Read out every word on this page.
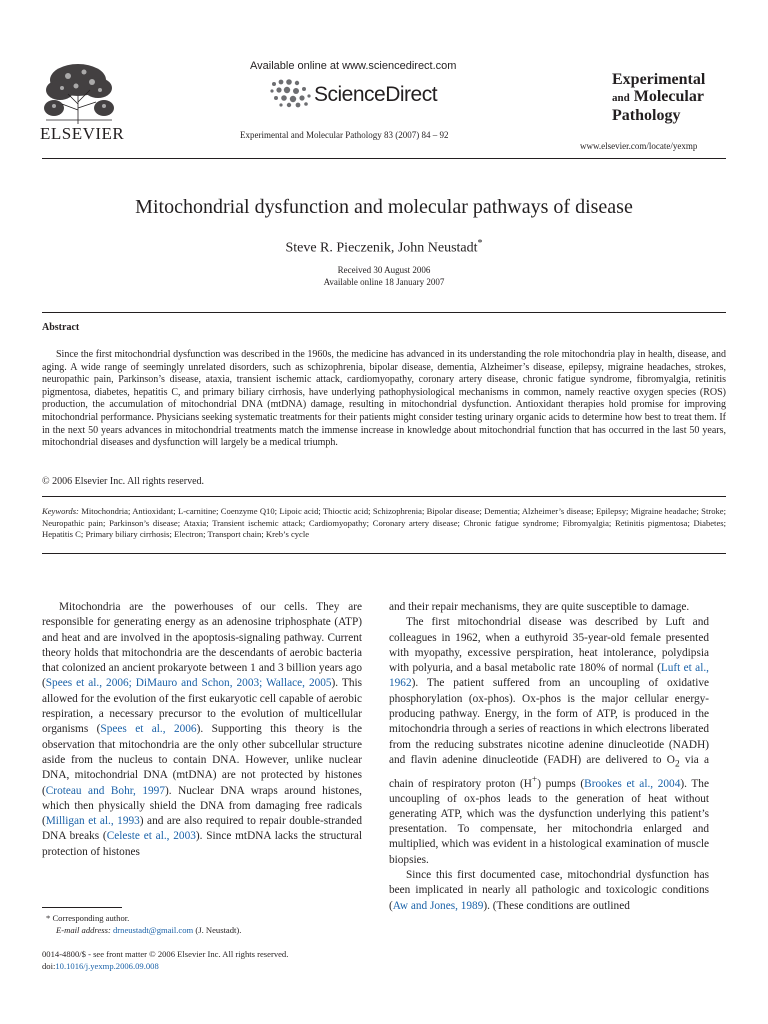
ELSEVIER
Available online at www.sciencedirect.com
ScienceDirect
Experimental and Molecular Pathology 83 (2007) 84 – 92
Experimental
and Molecular
Pathology
www.elsevier.com/locate/yexmp
Mitochondrial dysfunction and molecular pathways of disease
Steve R. Pieczenik, John Neustadt*
Received 30 August 2006
Available online 18 January 2007
Abstract
Since the first mitochondrial dysfunction was described in the 1960s, the medicine has advanced in its understanding the role mitochondria play in health, disease, and aging. A wide range of seemingly unrelated disorders, such as schizophrenia, bipolar disease, dementia, Alzheimer’s disease, epilepsy, migraine headaches, strokes, neuropathic pain, Parkinson’s disease, ataxia, transient ischemic attack, cardiomyopathy, coronary artery disease, chronic fatigue syndrome, fibromyalgia, retinitis pigmentosa, diabetes, hepatitis C, and primary biliary cirrhosis, have underlying pathophysiological mechanisms in common, namely reactive oxygen species (ROS) production, the accumulation of mitochondrial DNA (mtDNA) damage, resulting in mitochondrial dysfunction. Antioxidant therapies hold promise for improving mitochondrial performance. Physicians seeking systematic treatments for their patients might consider testing urinary organic acids to determine how best to treat them. If in the next 50 years advances in mitochondrial treatments match the immense increase in knowledge about mitochondrial function that has occurred in the last 50 years, mitochondrial diseases and dysfunction will largely be a medical triumph.
© 2006 Elsevier Inc. All rights reserved.
Keywords: Mitochondria; Antioxidant; L-carnitine; Coenzyme Q10; Lipoic acid; Thioctic acid; Schizophrenia; Bipolar disease; Dementia; Alzheimer’s disease; Epilepsy; Migraine headache; Stroke; Neuropathic pain; Parkinson’s disease; Ataxia; Transient ischemic attack; Cardiomyopathy; Coronary artery disease; Chronic fatigue syndrome; Fibromyalgia; Retinitis pigmentosa; Diabetes; Hepatitis C; Primary biliary cirrhosis; Electron; Transport chain; Kreb’s cycle

Mitochondria are the powerhouses of our cells. They are responsible for generating energy as an adenosine triphosphate (ATP) and heat and are involved in the apoptosis-signaling pathway. Current theory holds that mitochondria are the descendants of aerobic bacteria that colonized an ancient prokaryote between 1 and 3 billion years ago (Spees et al., 2006; DiMauro and Schon, 2003; Wallace, 2005). This allowed for the evolution of the first eukaryotic cell capable of aerobic respiration, a necessary precursor to the evolution of multicellular organisms (Spees et al., 2006). Supporting this theory is the observation that mitochondria are the only other subcellular structure aside from the nucleus to contain DNA. However, unlike nuclear DNA, mitochondrial DNA (mtDNA) are not protected by histones (Croteau and Bohr, 1997). Nuclear DNA wraps around histones, which then physically shield the DNA from damaging free radicals (Milligan et al., 1993) and are also required to repair double-stranded DNA breaks (Celeste et al., 2003). Since mtDNA lacks the structural protection of histones

and their repair mechanisms, they are quite susceptible to damage.

The first mitochondrial disease was described by Luft and colleagues in 1962, when a euthyroid 35-year-old female presented with myopathy, excessive perspiration, heat intolerance, polydipsia with polyuria, and a basal metabolic rate 180% of normal (Luft et al., 1962). The patient suffered from an uncoupling of oxidative phosphorylation (ox-phos). Ox-phos is the major cellular energy-producing pathway. Energy, in the form of ATP, is produced in the mitochondria through a series of reactions in which electrons liberated from the reducing substrates nicotine adenine dinucleotide (NADH) and flavin adenine dinucleotide (FADH) are delivered to $O_2$ via a chain of respiratory proton (H+) pumps (Brookes et al., 2004). The uncoupling of ox-phos leads to the generation of heat without generating ATP, which was the dysfunction underlying this patient’s presentation. To compensate, her mitochondria enlarged and multiplied, which was evident in a histological examination of muscle biopsies.

Since this first documented case, mitochondrial dysfunction has been implicated in nearly all pathologic and toxicologic conditions (Aw and Jones, 1989). (These conditions are outlined

* Corresponding author.
E-mail address: drneustadt@gmail.com (J. Neustadt).
0014-4800/$ - see front matter © 2006 Elsevier Inc. All rights reserved.
doi:10.1016/j.yexmp.2006.09.008
